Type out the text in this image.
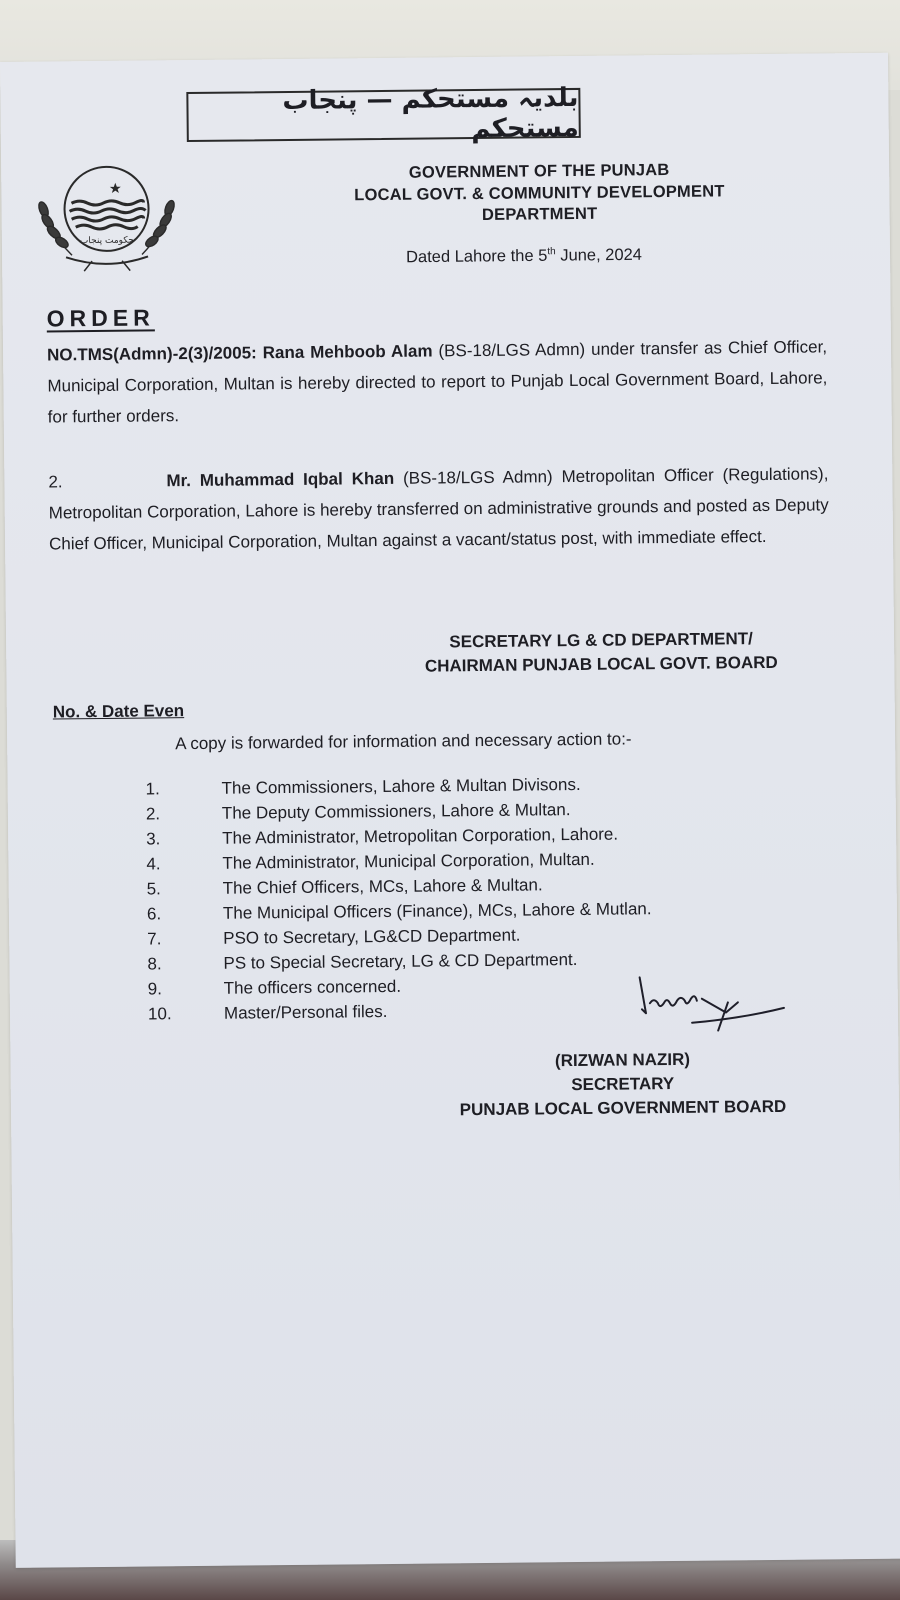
بلدیہ مستحکم — پنجاب مستحکم
حکومت پنجاب
GOVERNMENT OF THE PUNJAB
LOCAL GOVT. & COMMUNITY DEVELOPMENT
DEPARTMENT
Dated Lahore the 5th June, 2024
ORDER
NO.TMS(Admn)-2(3)/2005: Rana Mehboob Alam (BS-18/LGS Admn) under transfer as Chief Officer, Municipal Corporation, Multan is hereby directed to report to Punjab Local Government Board, Lahore, for further orders.
2.	Mr. Muhammad Iqbal Khan (BS-18/LGS Admn) Metropolitan Officer (Regulations), Metropolitan Corporation, Lahore is hereby transferred on administrative grounds and posted as Deputy Chief Officer, Municipal Corporation, Multan against a vacant/status post, with immediate effect.
SECRETARY LG & CD DEPARTMENT/
CHAIRMAN PUNJAB LOCAL GOVT. BOARD
No. & Date Even
A copy is forwarded for information and necessary action to:-
1.	The Commissioners, Lahore & Multan Divisons.
2.	The Deputy Commissioners, Lahore & Multan.
3.	The Administrator, Metropolitan Corporation, Lahore.
4.	The Administrator, Municipal Corporation, Multan.
5.	The Chief Officers, MCs, Lahore & Multan.
6.	The Municipal Officers (Finance), MCs, Lahore & Mutlan.
7.	PSO to Secretary, LG&CD Department.
8.	PS to Special Secretary, LG & CD Department.
9.	The officers concerned.
10.	Master/Personal files.
(RIZWAN NAZIR)
SECRETARY
PUNJAB LOCAL GOVERNMENT BOARD
